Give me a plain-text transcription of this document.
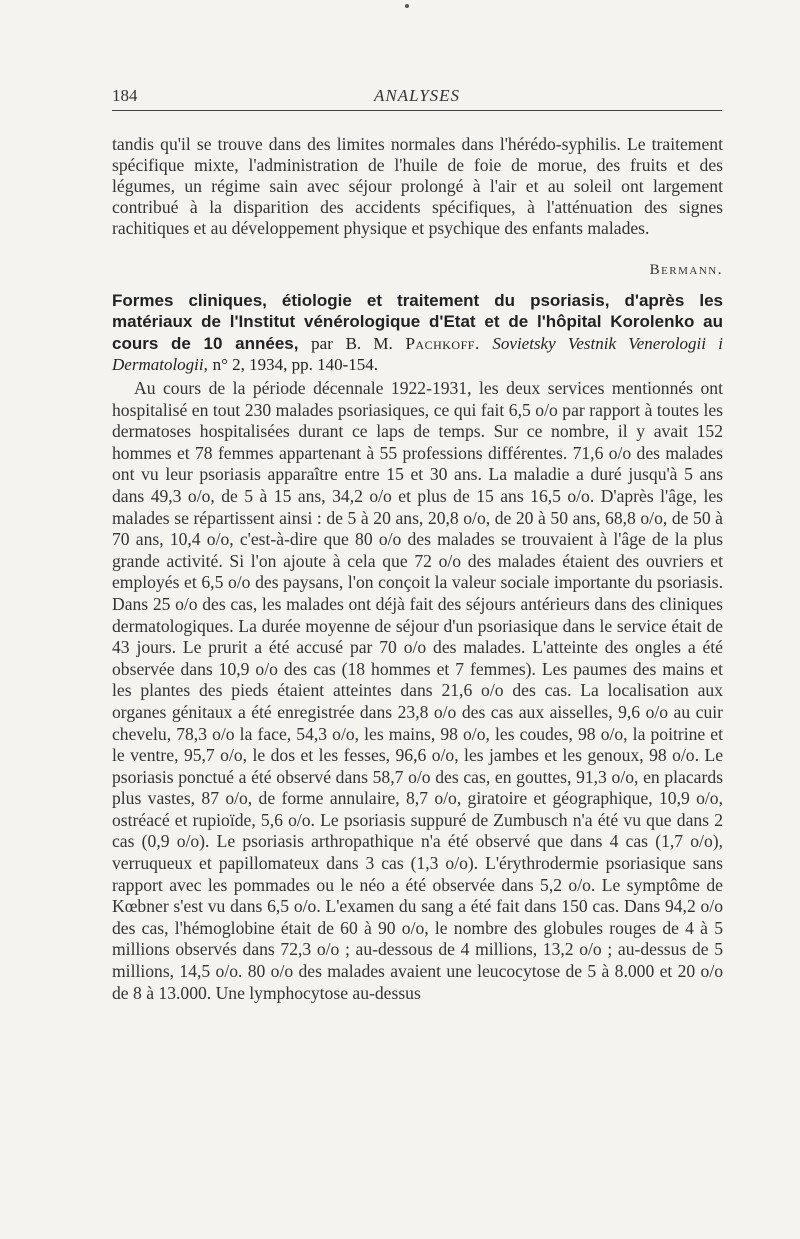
184	ANALYSES

tandis qu'il se trouve dans des limites normales dans l'hérédo-syphilis. Le traitement spécifique mixte, l'administration de l'huile de foie de morue, des fruits et des légumes, un régime sain avec séjour prolongé à l'air et au soleil ont largement contribué à la disparition des accidents spécifiques, à l'atténuation des signes rachitiques et au développement physique et psychique des enfants malades.

Bermann.
Formes cliniques, étiologie et traitement du psoriasis, d'après les matériaux de l'Institut vénérologique d'Etat et de l'hôpital Korolenko au cours de 10 années, par B. M. Pachkoff. Sovietsky Vestnik Venerologii i Dermatologii, n° 2, 1934, pp. 140-154.

Au cours de la période décennale 1922-1931, les deux services mentionnés ont hospitalisé en tout 230 malades psoriasiques, ce qui fait 6,5 o/o par rapport à toutes les dermatoses hospitalisées durant ce laps de temps. Sur ce nombre, il y avait 152 hommes et 78 femmes appartenant à 55 professions différentes. 71,6 o/o des malades ont vu leur psoriasis apparaître entre 15 et 30 ans. La maladie a duré jusqu'à 5 ans dans 49,3 o/o, de 5 à 15 ans, 34,2 o/o et plus de 15 ans 16,5 o/o. D'après l'âge, les malades se répartissent ainsi : de 5 à 20 ans, 20,8 o/o, de 20 à 50 ans, 68,8 o/o, de 50 à 70 ans, 10,4 o/o, c'est-à-dire que 80 o/o des malades se trouvaient à l'âge de la plus grande activité. Si l'on ajoute à cela que 72 o/o des malades étaient des ouvriers et employés et 6,5 o/o des paysans, l'on conçoit la valeur sociale importante du psoriasis. Dans 25 o/o des cas, les malades ont déjà fait des séjours antérieurs dans des cliniques dermatologiques. La durée moyenne de séjour d'un psoriasique dans le service était de 43 jours. Le prurit a été accusé par 70 o/o des malades. L'atteinte des ongles a été observée dans 10,9 o/o des cas (18 hommes et 7 femmes). Les paumes des mains et les plantes des pieds étaient atteintes dans 21,6 o/o des cas. La localisation aux organes génitaux a été enregistrée dans 23,8 o/o des cas aux aisselles, 9,6 o/o au cuir chevelu, 78,3 o/o la face, 54,3 o/o, les mains, 98 o/o, les coudes, 98 o/o, la poitrine et le ventre, 95,7 o/o, le dos et les fesses, 96,6 o/o, les jambes et les genoux, 98 o/o. Le psoriasis ponctué a été observé dans 58,7 o/o des cas, en gouttes, 91,3 o/o, en placards plus vastes, 87 o/o, de forme annulaire, 8,7 o/o, giratoire et géographique, 10,9 o/o, ostréacé et rupioïde, 5,6 o/o. Le psoriasis suppuré de Zumbusch n'a été vu que dans 2 cas (0,9 o/o). Le psoriasis arthropathique n'a été observé que dans 4 cas (1,7 o/o), verruqueux et papillomateux dans 3 cas (1,3 o/o). L'érythrodermie psoriasique sans rapport avec les pommades ou le néo a été observée dans 5,2 o/o. Le symptôme de Kœbner s'est vu dans 6,5 o/o. L'examen du sang a été fait dans 150 cas. Dans 94,2 o/o des cas, l'hémoglobine était de 60 à 90 o/o, le nombre des globules rouges de 4 à 5 millions observés dans 72,3 o/o ; au-dessous de 4 millions, 13,2 o/o ; au-dessus de 5 millions, 14,5 o/o. 80 o/o des malades avaient une leucocytose de 5 à 8.000 et 20 o/o de 8 à 13.000. Une lymphocytose au-dessus
